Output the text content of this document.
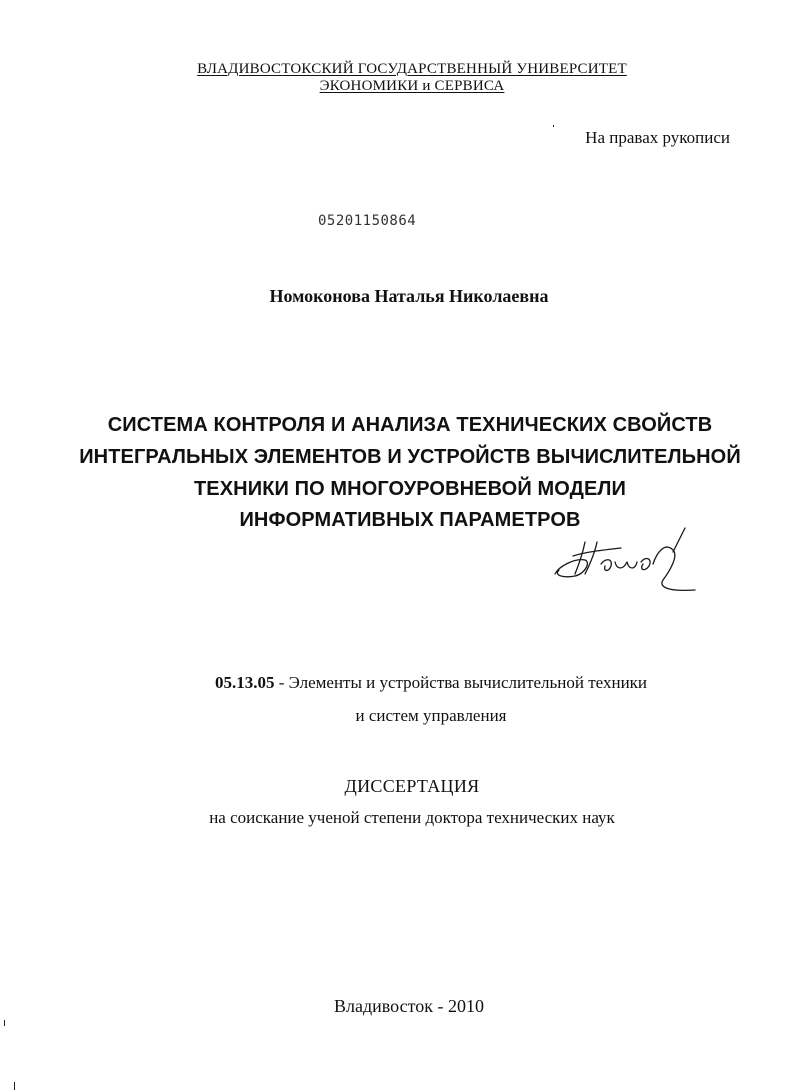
ВЛАДИВОСТОКСКИЙ ГОСУДАРСТВЕННЫЙ УНИВЕРСИТЕТ
ЭКОНОМИКИ и СЕРВИСА
На правах рукописи
05201150864
Номоконова Наталья Николаевна
СИСТЕМА КОНТРОЛЯ И АНАЛИЗА ТЕХНИЧЕСКИХ СВОЙСТВ
ИНТЕГРАЛЬНЫХ ЭЛЕМЕНТОВ И УСТРОЙСТВ ВЫЧИСЛИТЕЛЬНОЙ
ТЕХНИКИ ПО МНОГОУРОВНЕВОЙ МОДЕЛИ
ИНФОРМАТИВНЫХ ПАРАМЕТРОВ
05.13.05 - Элементы и устройства вычислительной техники
и систем управления
ДИССЕРТАЦИЯ
на соискание ученой степени доктора технических наук
Владивосток - 2010
